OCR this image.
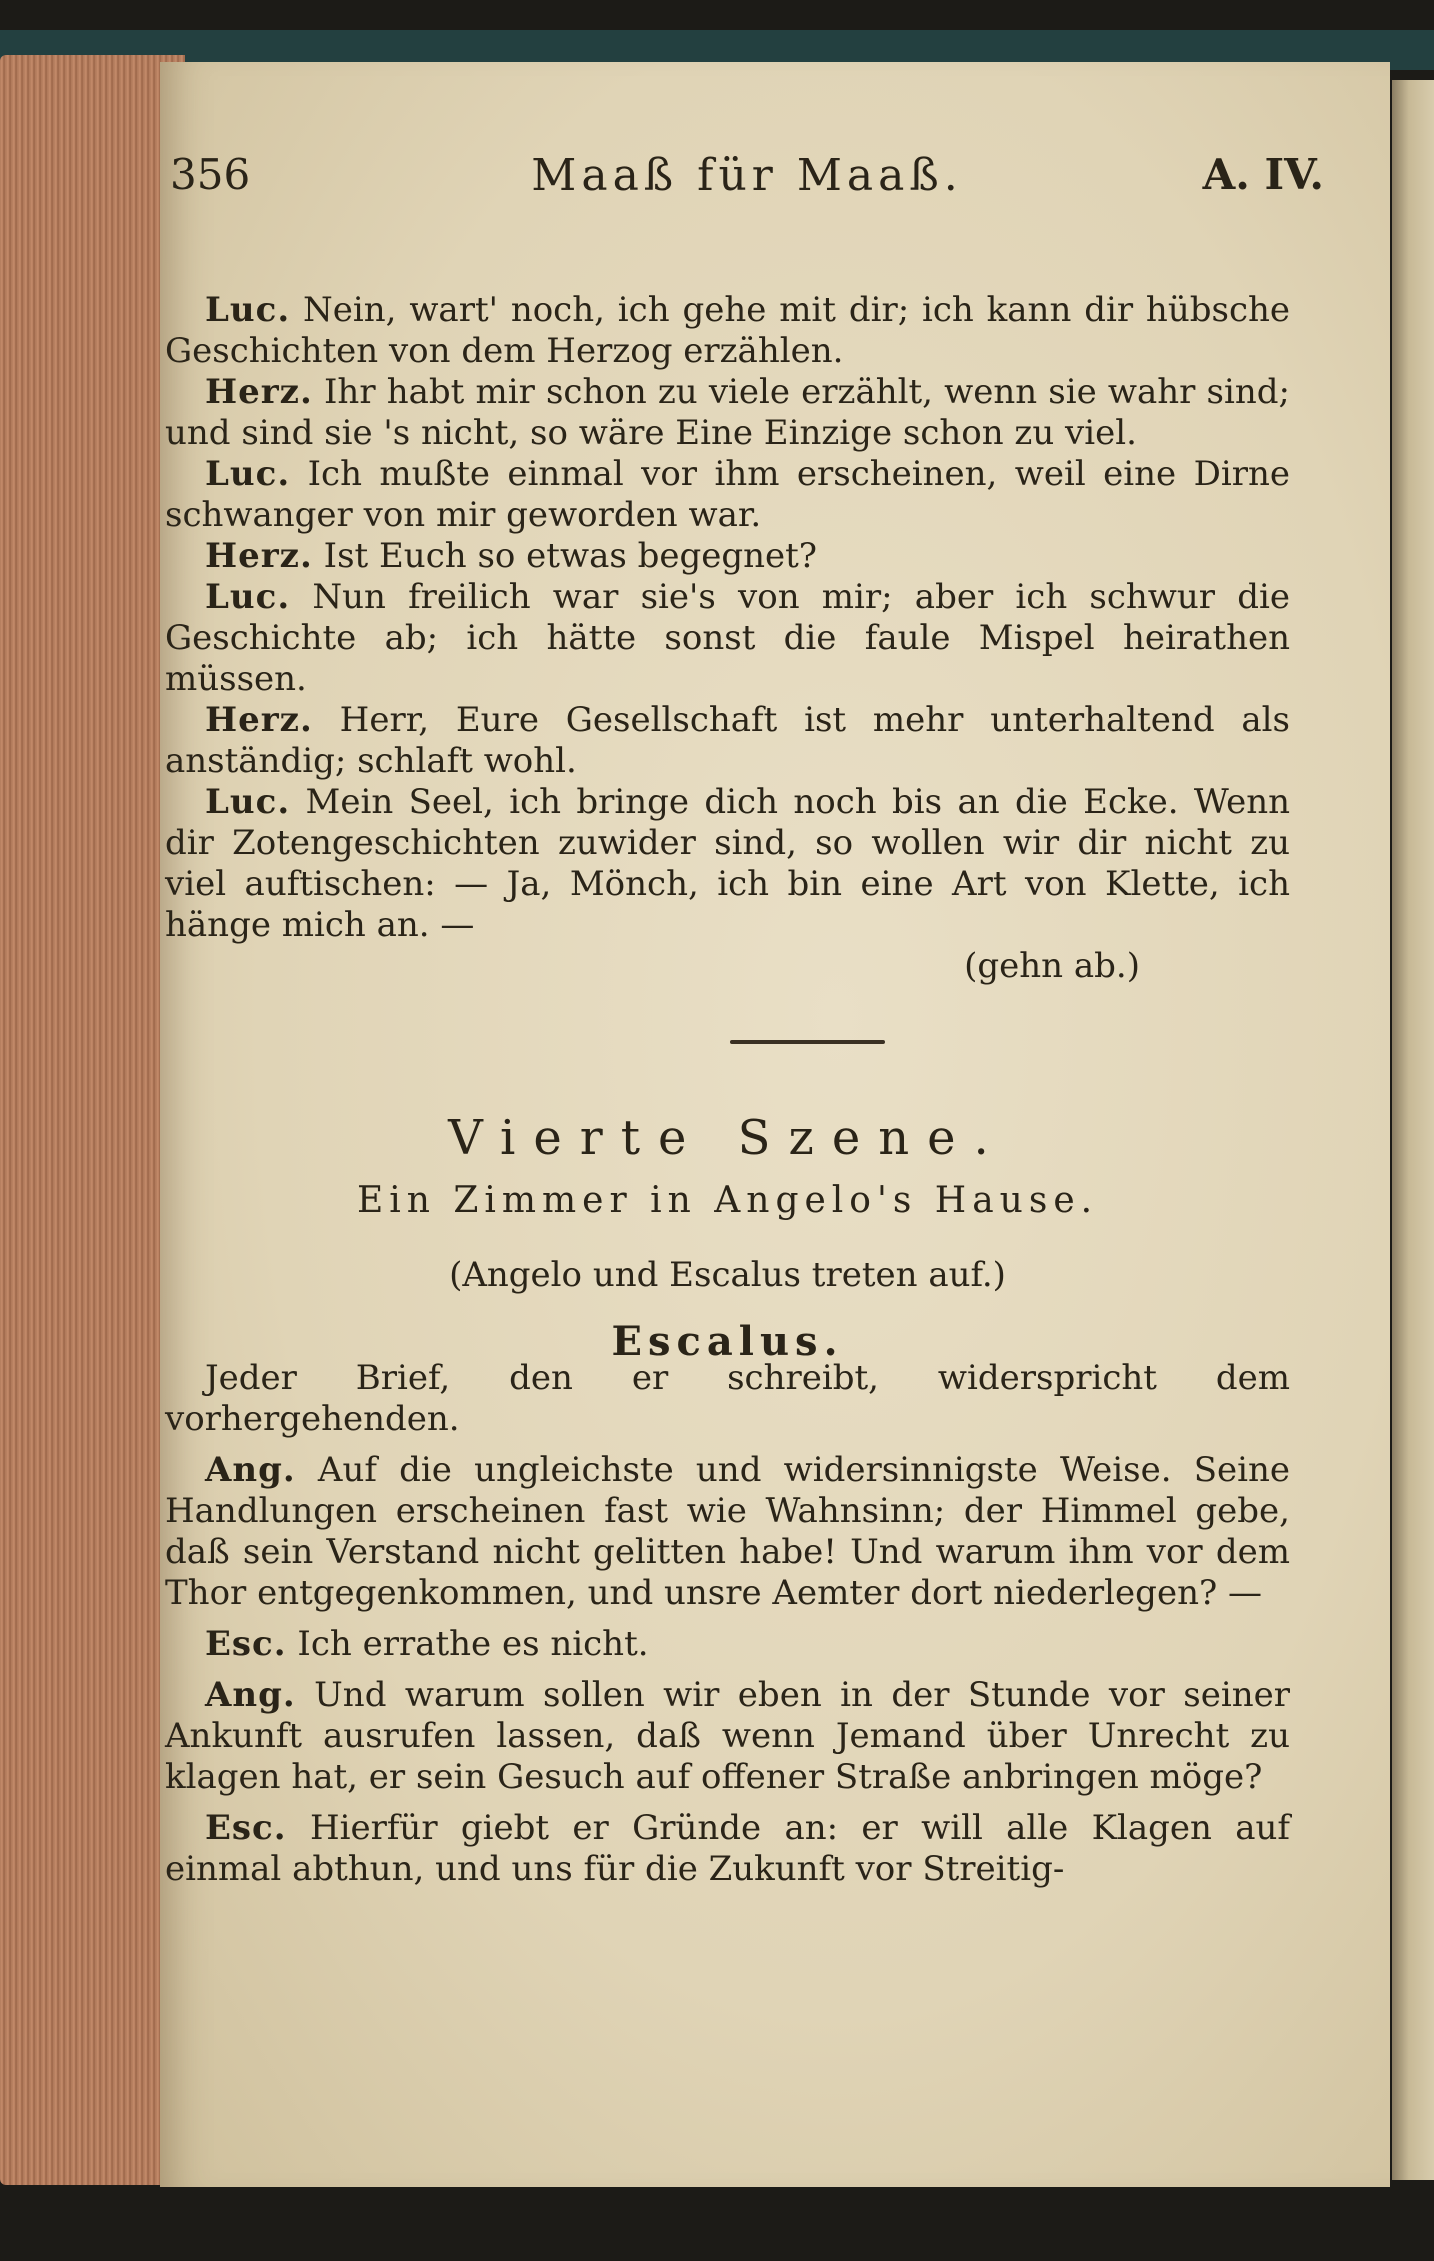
356	Maaß für Maaß.	A. IV.

Luc. Nein, wart' noch, ich gehe mit dir; ich kann dir hübsche Geschichten von dem Herzog erzählen.

Herz. Ihr habt mir schon zu viele erzählt, wenn sie wahr sind; und sind sie 's nicht, so wäre Eine Einzige schon zu viel.

Luc. Ich mußte einmal vor ihm erscheinen, weil eine Dirne schwanger von mir geworden war.

Herz. Ist Euch so etwas begegnet?

Luc. Nun freilich war sie's von mir; aber ich schwur die Geschichte ab; ich hätte sonst die faule Mispel heirathen müssen.

Herz. Herr, Eure Gesellschaft ist mehr unterhaltend als anständig; schlaft wohl.

Luc. Mein Seel, ich bringe dich noch bis an die Ecke. Wenn dir Zotengeschichten zuwider sind, so wollen wir dir nicht zu viel auftischen: — Ja, Mönch, ich bin eine Art von Klette, ich hänge mich an. —

(gehn ab.)

Vierte Szene.
Ein Zimmer in Angelo's Hause.
(Angelo und Escalus treten auf.)
Escalus.

Jeder Brief, den er schreibt, widerspricht dem vorhergehenden.

Ang. Auf die ungleichste und widersinnigste Weise. Seine Handlungen erscheinen fast wie Wahnsinn; der Himmel gebe, daß sein Verstand nicht gelitten habe! Und warum ihm vor dem Thor entgegenkommen, und unsre Aemter dort niederlegen? —

Esc. Ich errathe es nicht.

Ang. Und warum sollen wir eben in der Stunde vor seiner Ankunft ausrufen lassen, daß wenn Jemand über Unrecht zu klagen hat, er sein Gesuch auf offener Straße anbringen möge?

Esc. Hierfür giebt er Gründe an: er will alle Klagen auf einmal abthun, und uns für die Zukunft vor Streitig-
